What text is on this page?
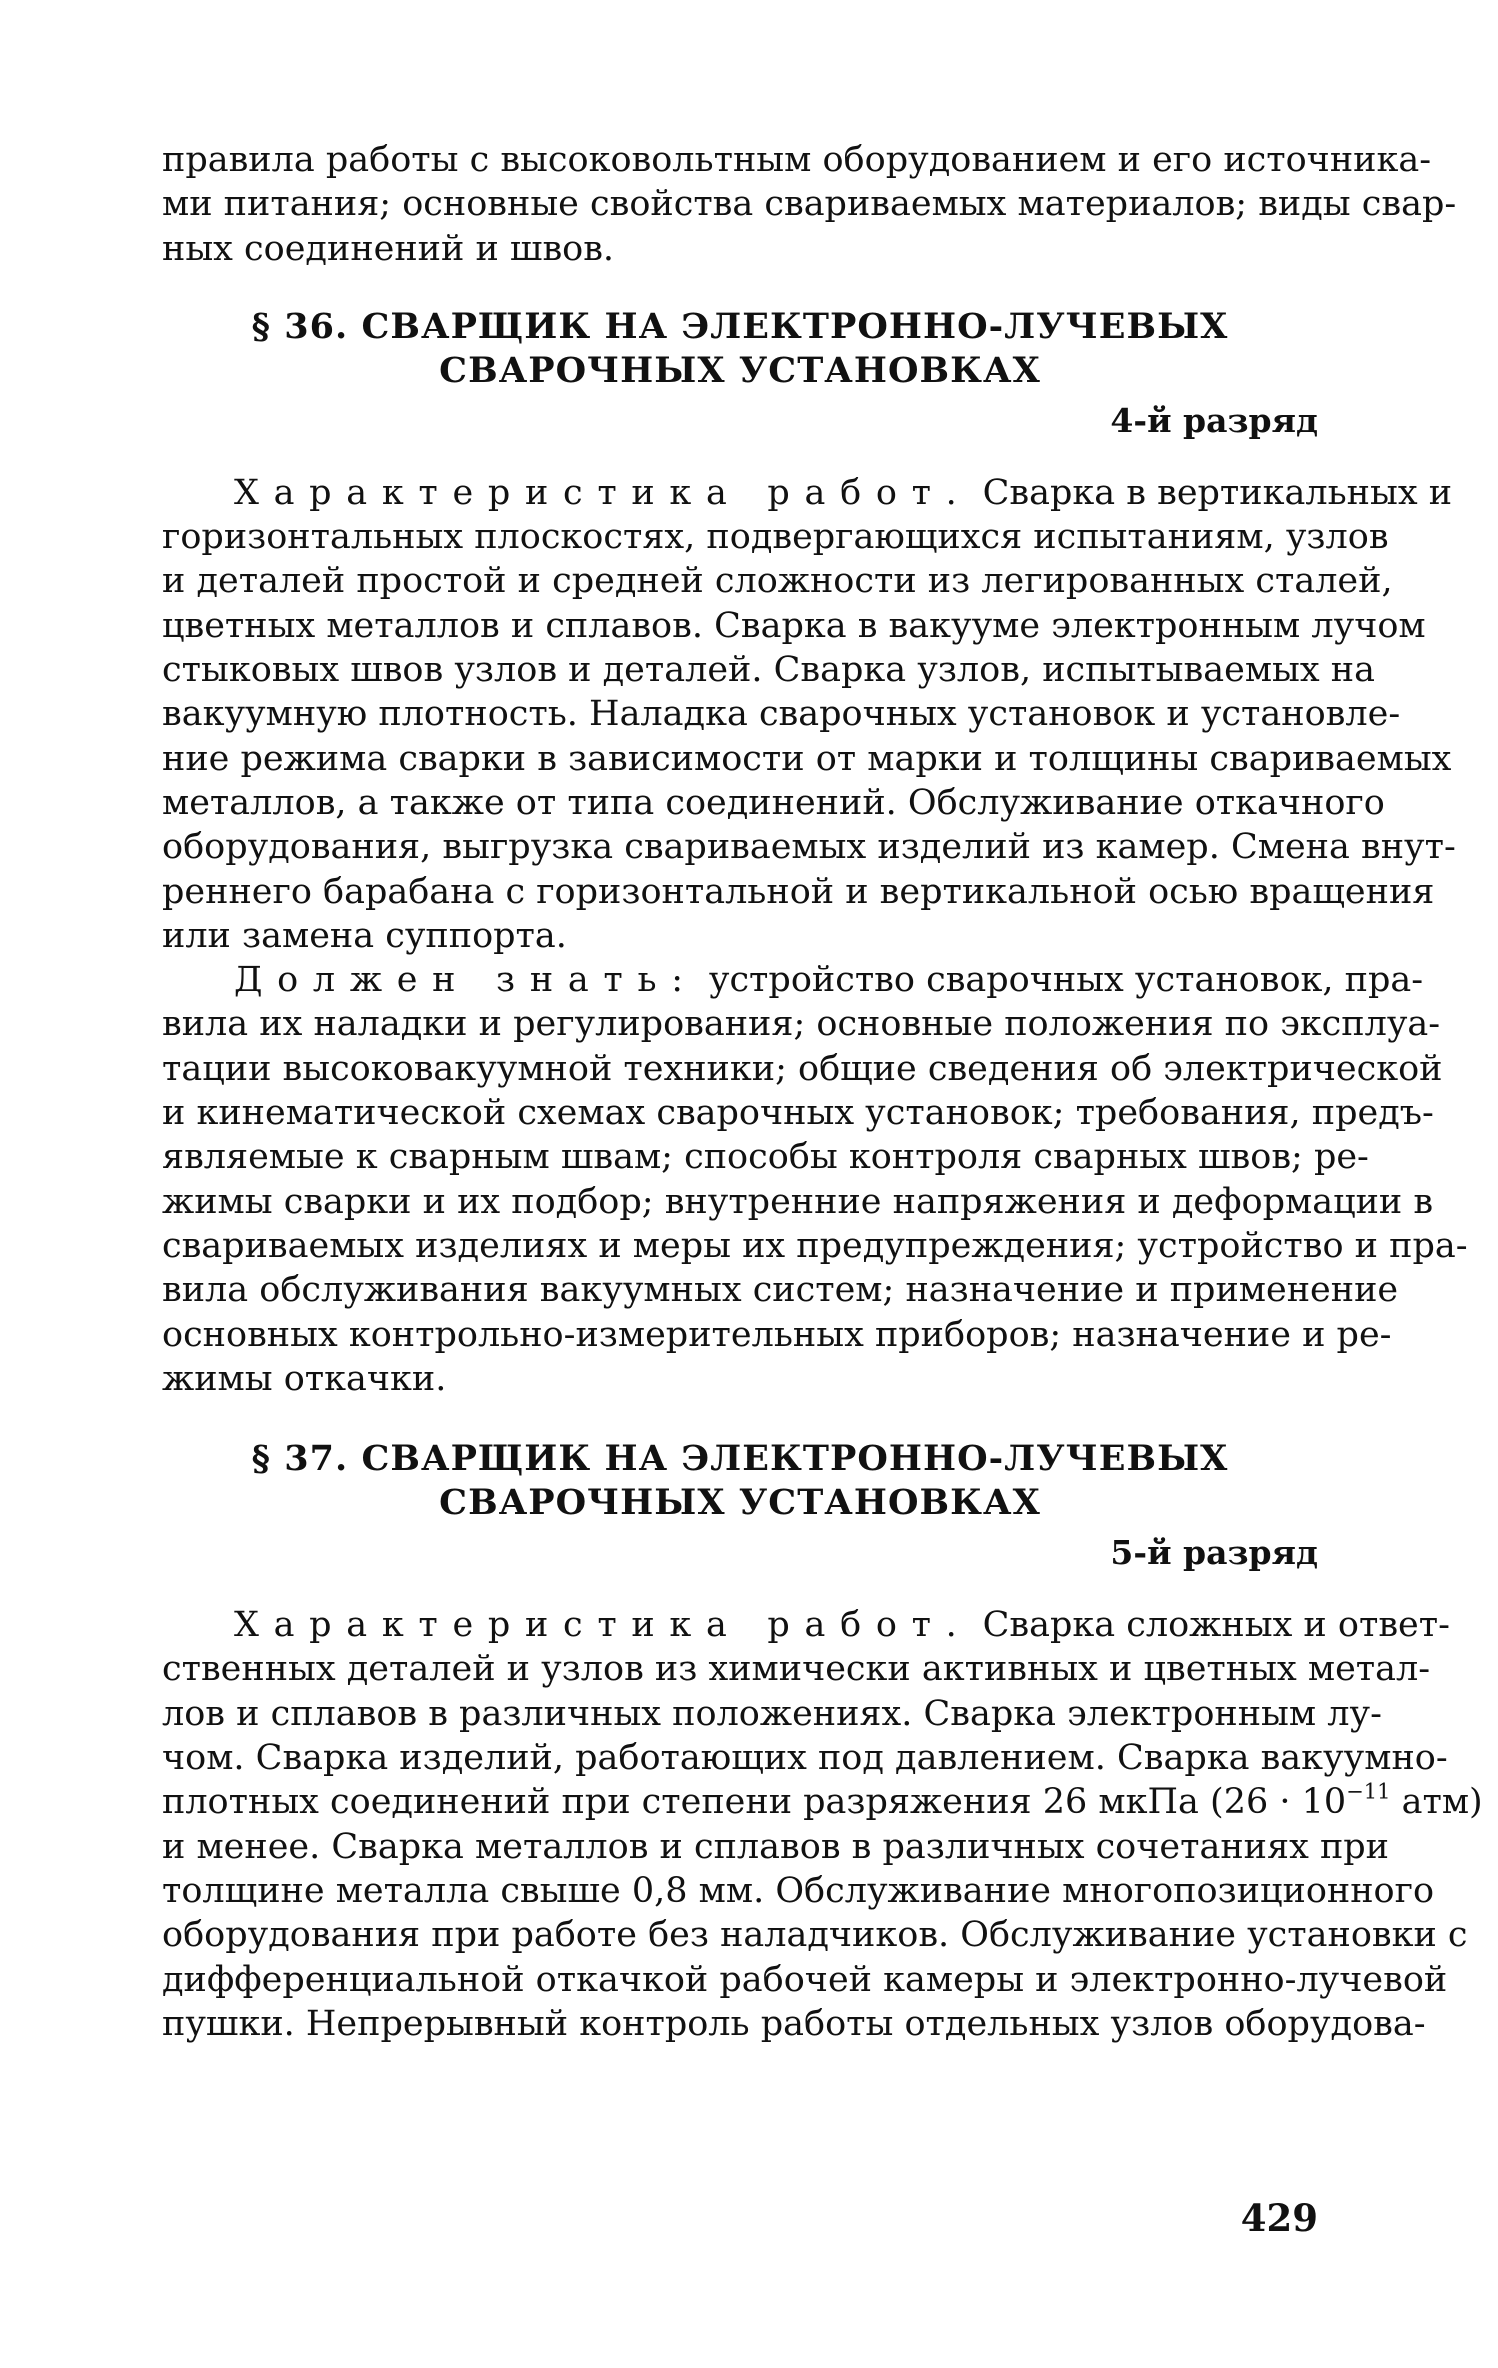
правила работы с высоковольтным оборудованием и его источника-
ми питания; основные свойства свариваемых материалов; виды свар-
ных соединений и швов.
§ 36. СВАРЩИК НА ЭЛЕКТРОННО-ЛУЧЕВЫХ
СВАРОЧНЫХ УСТАНОВКАХ
4-й разряд
Характеристика работ. Сварка в вертикальных и
горизонтальных плоскостях, подвергающихся испытаниям, узлов
и деталей простой и средней сложности из легированных сталей,
цветных металлов и сплавов. Сварка в вакууме электронным лучом
стыковых швов узлов и деталей. Сварка узлов, испытываемых на
вакуумную плотность. Наладка сварочных установок и установле-
ние режима сварки в зависимости от марки и толщины свариваемых
металлов, а также от типа соединений. Обслуживание откачного
оборудования, выгрузка свариваемых изделий из камер. Смена внут-
реннего барабана с горизонтальной и вертикальной осью вращения
или замена суппорта.
Должен знать: устройство сварочных установок, пра-
вила их наладки и регулирования; основные положения по эксплуа-
тации высоковакуумной техники; общие сведения об электрической
и кинематической схемах сварочных установок; требования, предъ-
являемые к сварным швам; способы контроля сварных швов; ре-
жимы сварки и их подбор; внутренние напряжения и деформации в
свариваемых изделиях и меры их предупреждения; устройство и пра-
вила обслуживания вакуумных систем; назначение и применение
основных контрольно-измерительных приборов; назначение и ре-
жимы откачки.
§ 37. СВАРЩИК НА ЭЛЕКТРОННО-ЛУЧЕВЫХ
СВАРОЧНЫХ УСТАНОВКАХ
5-й разряд
Характеристика работ. Сварка сложных и ответ-
ственных деталей и узлов из химически активных и цветных метал-
лов и сплавов в различных положениях. Сварка электронным лу-
чом. Сварка изделий, работающих под давлением. Сварка вакуумно-
плотных соединений при степени разряжения 26 мкПа ($26 \cdot 10^{-11}$ атм)
и менее. Сварка металлов и сплавов в различных сочетаниях при
толщине металла свыше 0,8 мм. Обслуживание многопозиционного
оборудования при работе без наладчиков. Обслуживание установки с
дифференциальной откачкой рабочей камеры и электронно-лучевой
пушки. Непрерывный контроль работы отдельных узлов оборудова-
429
